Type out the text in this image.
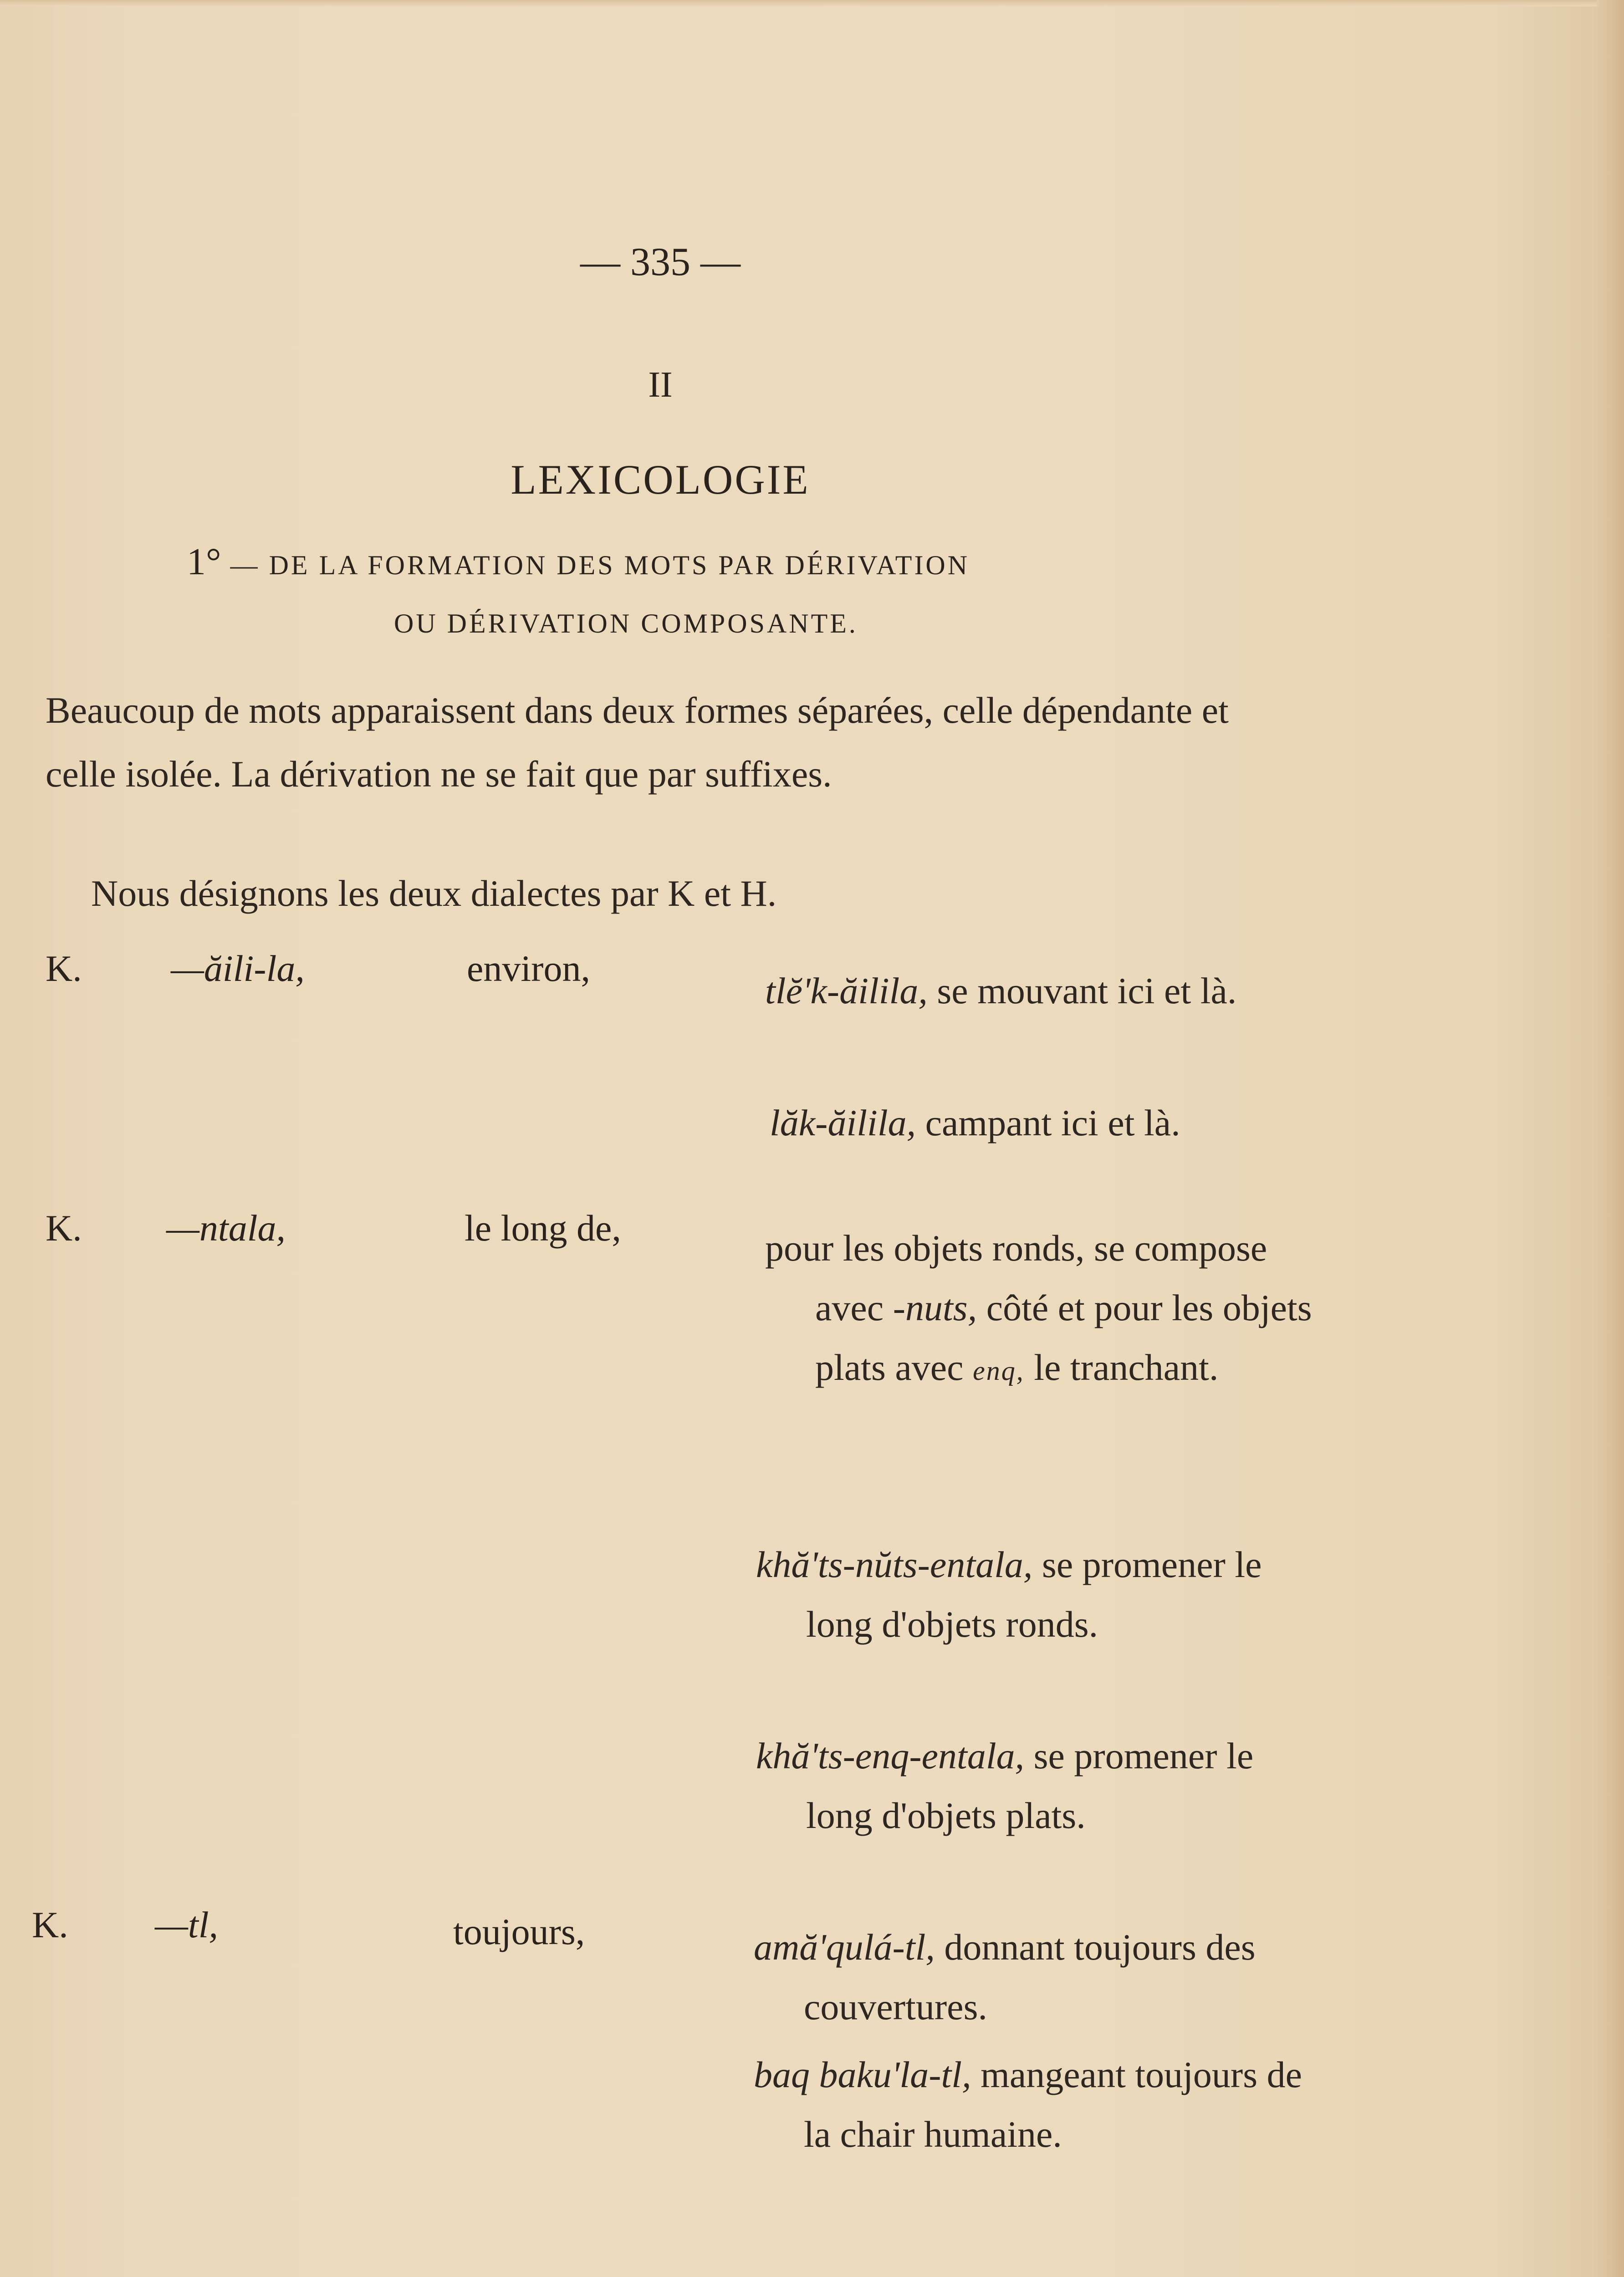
— 335 —
II
LEXICOLOGIE
1° — DE LA FORMATION DES MOTS PAR DÉRIVATION
OU DÉRIVATION COMPOSANTE.
Beaucoup de mots apparaissent dans deux formes séparées, celle dépendante et celle isolée. La dérivation ne se fait que par suffixes.
Nous désignons les deux dialectes par K et H.
K. —ăili-la,	environ,
tlĕ'k-ăilila, se mouvant ici et là.
lăk-ăilila, campant ici et là.
K. —ntala,	le long de,	pour les objets ronds, se compose avec -nuts, côté et pour les objets plats avec enq, le tranchant.
khă'ts-nŭts-entala, se promener le long d'objets ronds.
khă'ts-enq-entala, se promener le long d'objets plats.
K. —tl,	toujours,	amă'qulá-tl, donnant toujours des couvertures.
baq baku'la-tl, mangeant toujours de la chair humaine.
